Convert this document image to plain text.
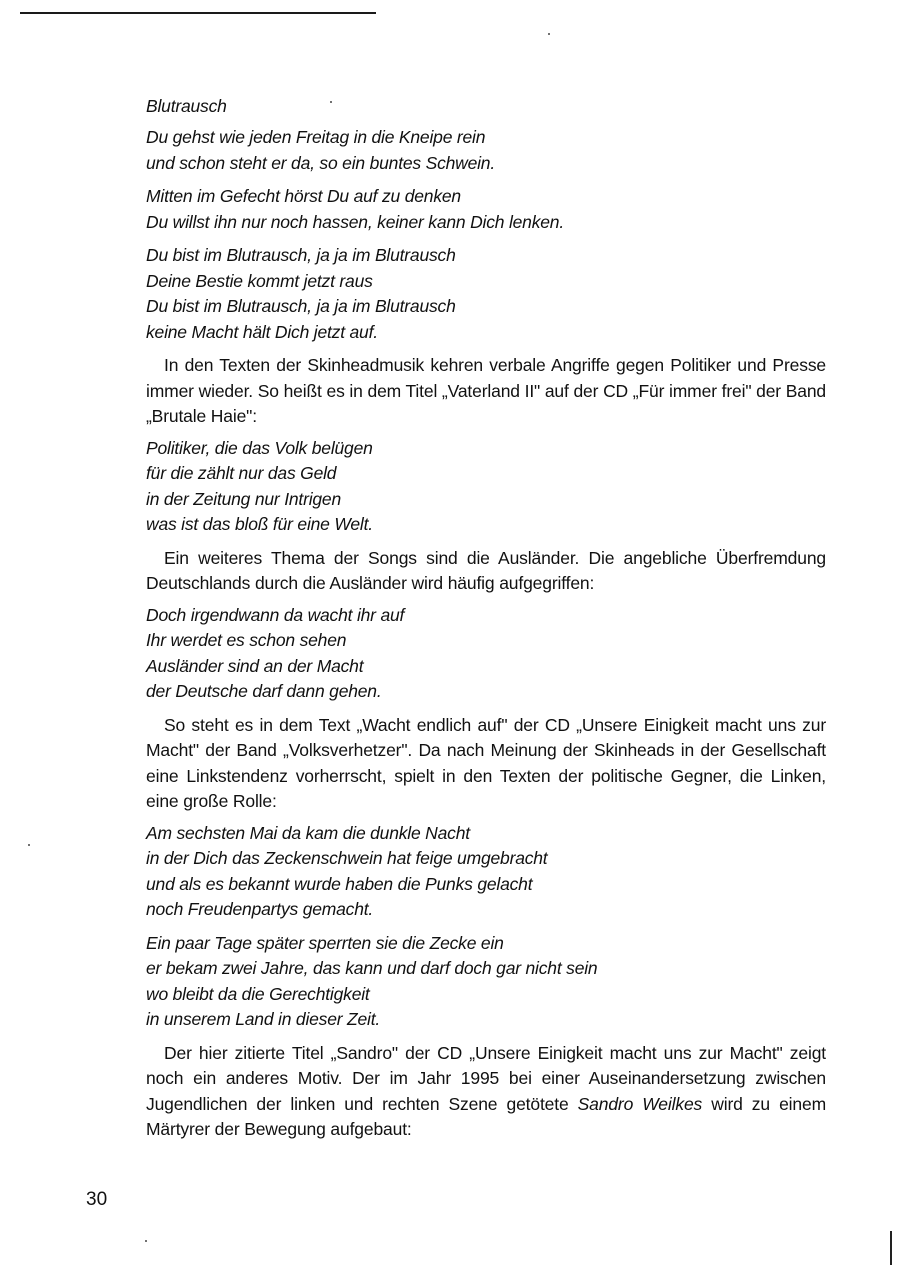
Blutrausch
Du gehst wie jeden Freitag in die Kneipe rein
und schon steht er da, so ein buntes Schwein.
Mitten im Gefecht hörst Du auf zu denken
Du willst ihn nur noch hassen, keiner kann Dich lenken.
Du bist im Blutrausch, ja ja im Blutrausch
Deine Bestie kommt jetzt raus
Du bist im Blutrausch, ja ja im Blutrausch
keine Macht hält Dich jetzt auf.

In den Texten der Skinheadmusik kehren verbale Angriffe gegen Politiker und Presse immer wieder. So heißt es in dem Titel „Vaterland II" auf der CD „Für immer frei" der Band „Brutale Haie":

Politiker, die das Volk belügen
für die zählt nur das Geld
in der Zeitung nur Intrigen
was ist das bloß für eine Welt.

Ein weiteres Thema der Songs sind die Ausländer. Die angebliche Überfremdung Deutschlands durch die Ausländer wird häufig aufgegriffen:

Doch irgendwann da wacht ihr auf
Ihr werdet es schon sehen
Ausländer sind an der Macht
der Deutsche darf dann gehen.

So steht es in dem Text „Wacht endlich auf" der CD „Unsere Einigkeit macht uns zur Macht" der Band „Volksverhetzer". Da nach Meinung der Skinheads in der Gesellschaft eine Linkstendenz vorherrscht, spielt in den Texten der politische Gegner, die Linken, eine große Rolle:

Am sechsten Mai da kam die dunkle Nacht
in der Dich das Zeckenschwein hat feige umgebracht
und als es bekannt wurde haben die Punks gelacht
noch Freudenpartys gemacht.
Ein paar Tage später sperrten sie die Zecke ein
er bekam zwei Jahre, das kann und darf doch gar nicht sein
wo bleibt da die Gerechtigkeit
in unserem Land in dieser Zeit.

Der hier zitierte Titel „Sandro" der CD „Unsere Einigkeit macht uns zur Macht" zeigt noch ein anderes Motiv. Der im Jahr 1995 bei einer Auseinandersetzung zwischen Jugendlichen der linken und rechten Szene getötete Sandro Weilkes wird zu einem Märtyrer der Bewegung aufgebaut:

30
